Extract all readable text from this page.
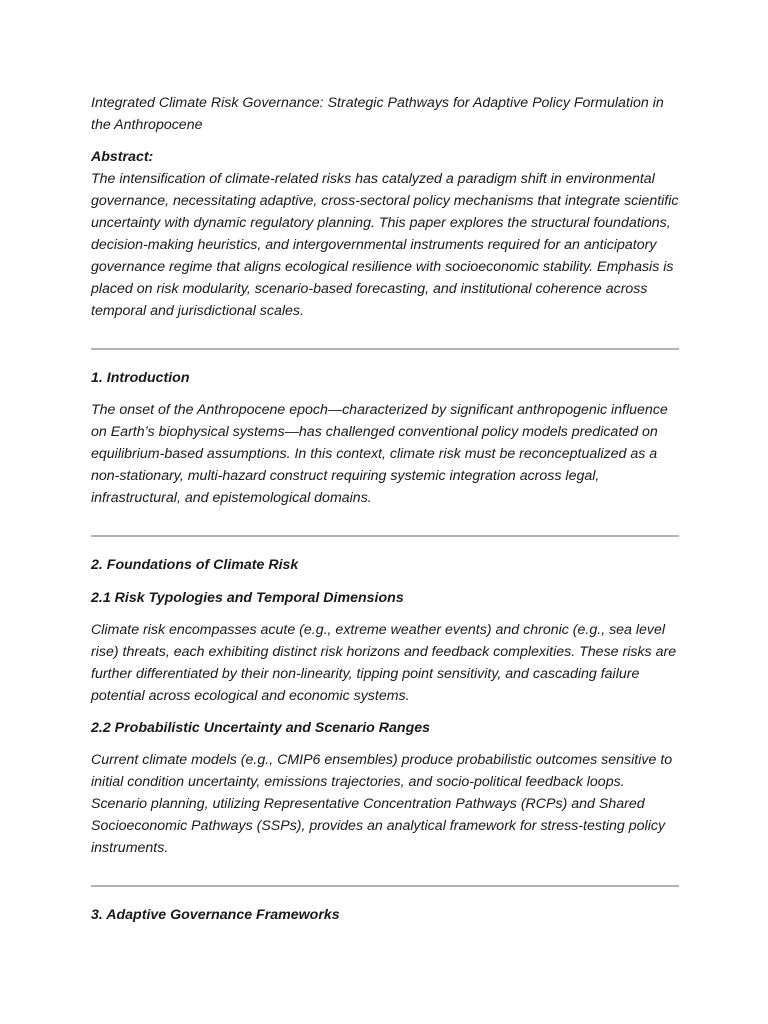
Integrated Climate Risk Governance: Strategic Pathways for Adaptive Policy Formulation in the Anthropocene

Abstract:

The intensification of climate-related risks has catalyzed a paradigm shift in environmental governance, necessitating adaptive, cross-sectoral policy mechanisms that integrate scientific uncertainty with dynamic regulatory planning. This paper explores the structural foundations, decision-making heuristics, and intergovernmental instruments required for an anticipatory governance regime that aligns ecological resilience with socioeconomic stability. Emphasis is placed on risk modularity, scenario-based forecasting, and institutional coherence across temporal and jurisdictional scales.

1. Introduction

The onset of the Anthropocene epoch—characterized by significant anthropogenic influence on Earth’s biophysical systems—has challenged conventional policy models predicated on equilibrium-based assumptions. In this context, climate risk must be reconceptualized as a non-stationary, multi-hazard construct requiring systemic integration across legal, infrastructural, and epistemological domains.

2. Foundations of Climate Risk
2.1 Risk Typologies and Temporal Dimensions

Climate risk encompasses acute (e.g., extreme weather events) and chronic (e.g., sea level rise) threats, each exhibiting distinct risk horizons and feedback complexities. These risks are further differentiated by their non-linearity, tipping point sensitivity, and cascading failure potential across ecological and economic systems.

2.2 Probabilistic Uncertainty and Scenario Ranges

Current climate models (e.g., CMIP6 ensembles) produce probabilistic outcomes sensitive to initial condition uncertainty, emissions trajectories, and socio-political feedback loops. Scenario planning, utilizing Representative Concentration Pathways (RCPs) and Shared Socioeconomic Pathways (SSPs), provides an analytical framework for stress-testing policy instruments.

3. Adaptive Governance Frameworks
